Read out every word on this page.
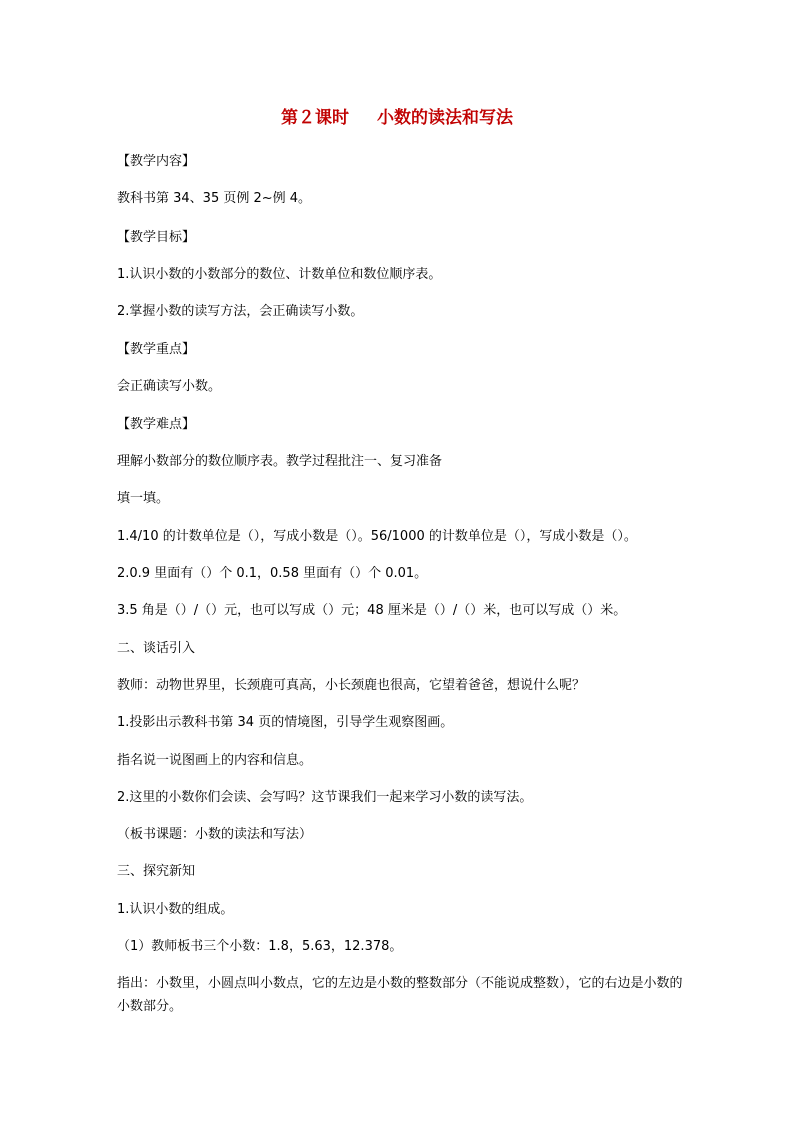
第２课时 小数的读法和写法
【教学内容】
教科书第 34、35 页例 2~例 4。
【教学目标】
1.认识小数的小数部分的数位、计数单位和数位顺序表。
2.掌握小数的读写方法，会正确读写小数。
【教学重点】
会正确读写小数。
【教学难点】
理解小数部分的数位顺序表。教学过程批注一、复习准备
填一填。
1.4/10 的计数单位是（），写成小数是（）。56/1000 的计数单位是（），写成小数是（）。
2.0.9 里面有（）个 0.1，0.58 里面有（）个 0.01。
3.5 角是（）/（）元，也可以写成（）元；48 厘米是（）/（）米，也可以写成（）米。
二、谈话引入
教师：动物世界里，长颈鹿可真高，小长颈鹿也很高，它望着爸爸，想说什么呢？
1.投影出示教科书第 34 页的情境图，引导学生观察图画。
指名说一说图画上的内容和信息。
2.这里的小数你们会读、会写吗？这节课我们一起来学习小数的读写法。
（板书课题：小数的读法和写法）
三、探究新知
1.认识小数的组成。
（1）教师板书三个小数：1.8，5.63，12.378。
指出：小数里，小圆点叫小数点，它的左边是小数的整数部分（不能说成整数），它的右边是小数的小数部分。
